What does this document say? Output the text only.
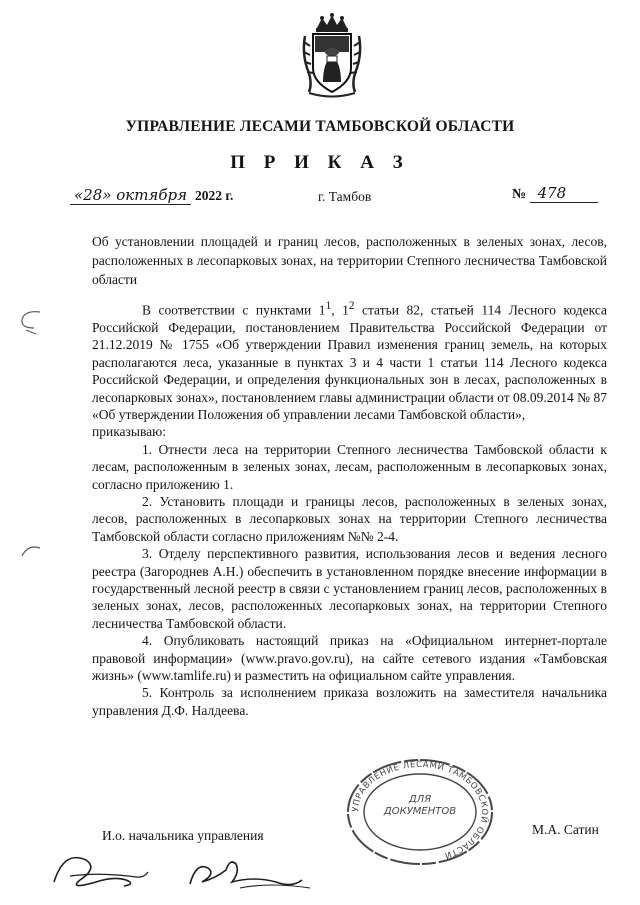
УПРАВЛЕНИЕ ЛЕСАМИ ТАМБОВСКОЙ ОБЛАСТИ
П Р И К А З
«28» октября 2022 г.	г. Тамбов	№ 478
Об установлении площадей и границ лесов, расположенных в зеленых зонах, лесов, расположенных в лесопарковых зонах, на территории Степного лесничества Тамбовской области

В соответствии с пунктами $1^1$, $1^2$ статьи 82, статьей 114 Лесного кодекса Российской Федерации, постановлением Правительства Российской Федерации от 21.12.2019 № 1755 «Об утверждении Правил изменения границ земель, на которых располагаются леса, указанные в пунктах 3 и 4 части 1 статьи 114 Лесного кодекса Российской Федерации, и определения функциональных зон в лесах, расположенных в лесопарковых зонах», постановлением главы администрации области от 08.09.2014 № 87 «Об утверждении Положения об управлении лесами Тамбовской области»,

приказываю:

1. Отнести леса на территории Степного лесничества Тамбовской области к лесам, расположенным в зеленых зонах, лесам, расположенным в лесопарковых зонах, согласно приложению 1.

2. Установить площади и границы лесов, расположенных в зеленых зонах, лесов, расположенных в лесопарковых зонах на территории Степного лесничества Тамбовской области согласно приложениям №№ 2-4.

3. Отделу перспективного развития, использования лесов и ведения лесного реестра (Загороднев А.Н.) обеспечить в установленном порядке внесение информации в государственный лесной реестр в связи с установлением границ лесов, расположенных в зеленых зонах, лесов, расположенных лесопарковых зонах, на территории Степного лесничества Тамбовской области.

4. Опубликовать настоящий приказ на «Официальном интернет-портале правовой информации» (www.pravo.gov.ru), на сайте сетевого издания «Тамбовская жизнь» (www.tamlife.ru) и разместить на официальном сайте управления.

5. Контроль за исполнением приказа возложить на заместителя начальника управления Д.Ф. Налдеева.

УПРАВЛЕНИЕ ЛЕСАМИ ТАМБОВСКОЙ ОБЛАСТИ
ДЛЯ ДОКУМЕНТОВ
И.о. начальника управления	М.А. Сатин
